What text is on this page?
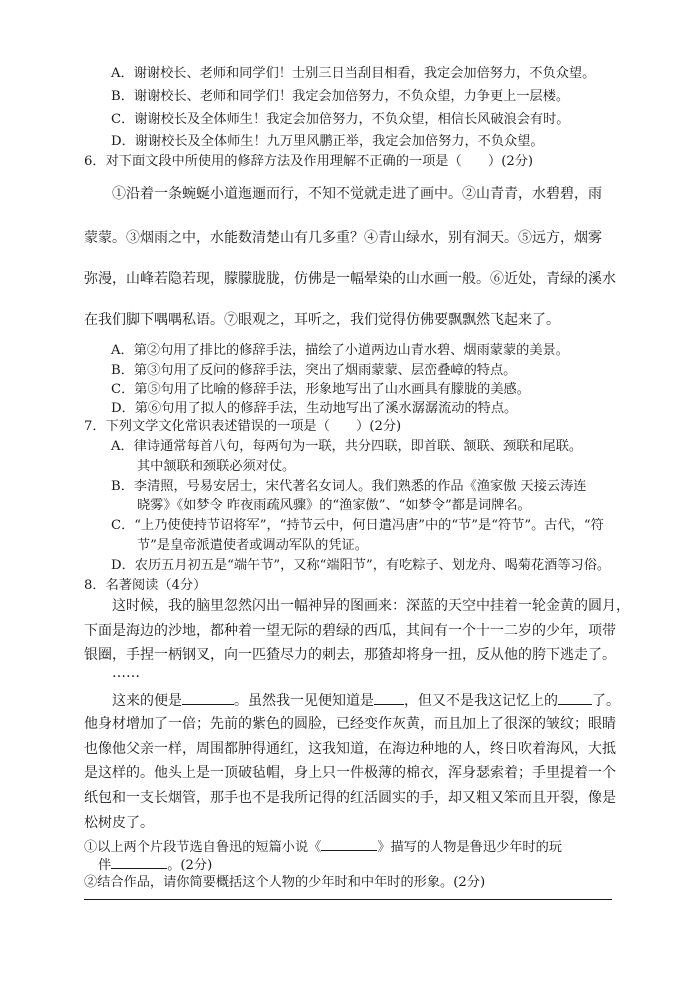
A．谢谢校长、老师和同学们！士别三日当刮目相看，我定会加倍努力，不负众望。
B．谢谢校长、老师和同学们！我定会加倍努力，不负众望，力争更上一层楼。
C．谢谢校长及全体师生！我定会加倍努力，不负众望，相信长风破浪会有时。
D．谢谢校长及全体师生！九万里风鹏正举，我定会加倍努力，不负众望。
6．对下面文段中所使用的修辞方法及作用理解不正确的一项是（　　）(2分)
①沿着一条蜿蜒小道迤逦而行，不知不觉就走进了画中。②山青青，水碧碧，雨
蒙蒙。③烟雨之中，水能数清楚山有几多重？④青山绿水，别有洞天。⑤远方，烟雾
弥漫，山峰若隐若现，朦朦胧胧，仿佛是一幅晕染的山水画一般。⑥近处，青绿的溪水
在我们脚下喁喁私语。⑦眼观之，耳听之，我们觉得仿佛要飘飘然飞起来了。
A．第②句用了排比的修辞手法，描绘了小道两边山青水碧、烟雨蒙蒙的美景。
B．第③句用了反问的修辞手法，突出了烟雨蒙蒙、层峦叠嶂的特点。
C．第⑤句用了比喻的修辞手法，形象地写出了山水画具有朦胧的美感。
D．第⑥句用了拟人的修辞手法，生动地写出了溪水潺潺流动的特点。
7．下列文学文化常识表述错误的一项是（　　）(2分)
A．律诗通常每首八句，每两句为一联，共分四联，即首联、颔联、颈联和尾联。
其中颔联和颈联必须对仗。
B．李清照，号易安居士，宋代著名女词人。我们熟悉的作品《渔家傲 天接云涛连
晓雾》《如梦令 昨夜雨疏风骤》的“渔家傲”、“如梦令”都是词牌名。
C．“上乃使使持节诏将军”，“持节云中，何日遣冯唐”中的“节”是“符节”。古代，“符
节”是皇帝派遣使者或调动军队的凭证。
D．农历五月初五是“端午节”，又称“端阳节”，有吃粽子、划龙舟、喝菊花酒等习俗。
8．名著阅读（4分）
这时候，我的脑里忽然闪出一幅神异的图画来：深蓝的天空中挂着一轮金黄的圆月，
下面是海边的沙地，都种着一望无际的碧绿的西瓜，其间有一个十一二岁的少年，项带
银圈，手捏一柄钢叉，向一匹猹尽力的刺去，那猹却将身一扭，反从他的胯下逃走了。
……
这来的便是	。虽然我一见便知道是 ，但又不是我这记忆上的 了。
他身材增加了一倍；先前的紫色的圆脸，已经变作灰黄，而且加上了很深的皱纹；眼睛
也像他父亲一样，周围都肿得通红，这我知道，在海边种地的人，终日吹着海风，大抵
是这样的。他头上是一顶破毡帽，身上只一件极薄的棉衣，浑身瑟索着；手里提着一个
纸包和一支长烟管，那手也不是我所记得的红活圆实的手，却又粗又笨而且开裂，像是
松树皮了。
①以上两个片段节选自鲁迅的短篇小说《	》描写的人物是鲁迅少年时的玩
伴	。(2分)
②结合作品，请你简要概括这个人物的少年时和中年时的形象。(2分)
